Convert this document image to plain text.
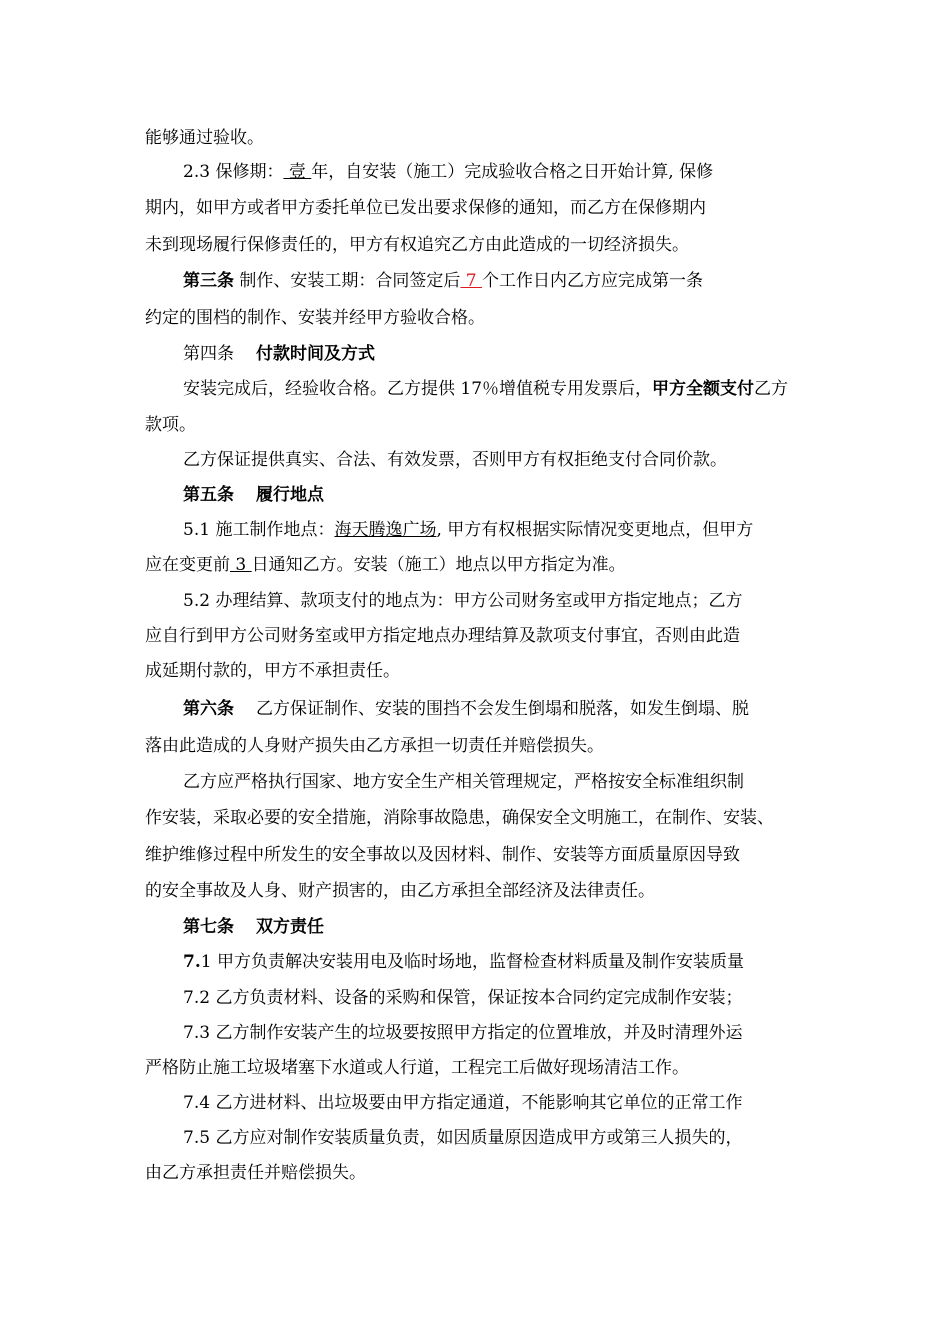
能够通过验收。
2.3 保修期： 壹 年，自安装（施工）完成验收合格之日开始计算, 保修
期内，如甲方或者甲方委托单位已发出要求保修的通知，而乙方在保修期内
未到现场履行保修责任的，甲方有权追究乙方由此造成的一切经济损失。
第三条 制作、安装工期：合同签定后 7 个工作日内乙方应完成第一条
约定的围档的制作、安装并经甲方验收合格。
第四条 付款时间及方式
安装完成后，经验收合格。乙方提供 17％增值税专用发票后，甲方全额支付乙方
款项。
乙方保证提供真实、合法、有效发票，否则甲方有权拒绝支付合同价款。
第五条 履行地点
5.1 施工制作地点：海天腾逸广场, 甲方有权根据实际情况变更地点，但甲方
应在变更前 3 日通知乙方。安装（施工）地点以甲方指定为准。
5.2 办理结算、款项支付的地点为：甲方公司财务室或甲方指定地点；乙方
应自行到甲方公司财务室或甲方指定地点办理结算及款项支付事宜，否则由此造
成延期付款的，甲方不承担责任。
第六条 乙方保证制作、安装的围挡不会发生倒塌和脱落，如发生倒塌、脱
落由此造成的人身财产损失由乙方承担一切责任并赔偿损失。
乙方应严格执行国家、地方安全生产相关管理规定，严格按安全标准组织制
作安装，采取必要的安全措施，消除事故隐患，确保安全文明施工，在制作、安装、
维护维修过程中所发生的安全事故以及因材料、制作、安装等方面质量原因导致
的安全事故及人身、财产损害的，由乙方承担全部经济及法律责任。
第七条 双方责任
7.1 甲方负责解决安装用电及临时场地，监督检查材料质量及制作安装质量
7.2 乙方负责材料、设备的采购和保管，保证按本合同约定完成制作安装；
7.3 乙方制作安装产生的垃圾要按照甲方指定的位置堆放，并及时清理外运
严格防止施工垃圾堵塞下水道或人行道，工程完工后做好现场清洁工作。
7.4 乙方进材料、出垃圾要由甲方指定通道，不能影响其它单位的正常工作
7.5 乙方应对制作安装质量负责，如因质量原因造成甲方或第三人损失的，
由乙方承担责任并赔偿损失。
